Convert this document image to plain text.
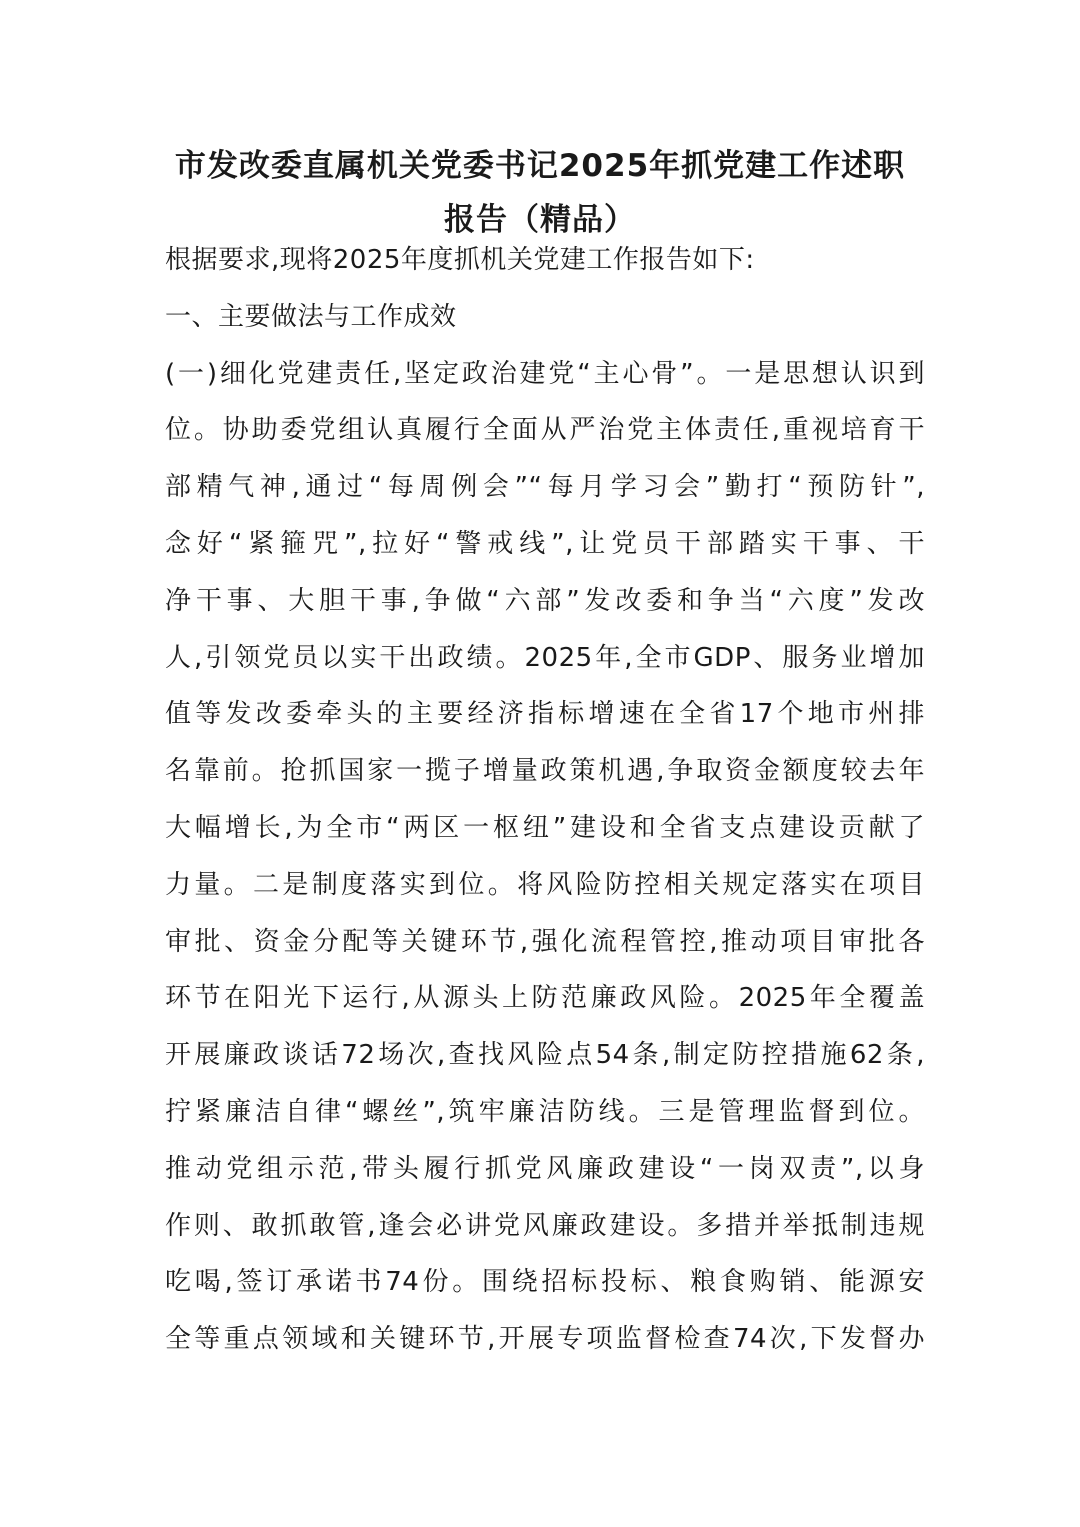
市发改委直属机关党委书记2025年抓党建工作述职
报告（精品）
根据要求,现将2025年度抓机关党建工作报告如下:
一、主要做法与工作成效
(一)细化党建责任,坚定政治建党“主心骨”。一是思想认识到
位。协助委党组认真履行全面从严治党主体责任,重视培育干
部精气神,通过“每周例会”“每月学习会”勤打“预防针”,
念好“紧箍咒”,拉好“警戒线”,让党员干部踏实干事、干
净干事、大胆干事,争做“六部”发改委和争当“六度”发改
人,引领党员以实干出政绩。2025年,全市GDP、服务业增加
值等发改委牵头的主要经济指标增速在全省17个地市州排
名靠前。抢抓国家一揽子增量政策机遇,争取资金额度较去年
大幅增长,为全市“两区一枢纽”建设和全省支点建设贡献了
力量。二是制度落实到位。将风险防控相关规定落实在项目
审批、资金分配等关键环节,强化流程管控,推动项目审批各
环节在阳光下运行,从源头上防范廉政风险。2025年全覆盖
开展廉政谈话72场次,查找风险点54条,制定防控措施62条,
拧紧廉洁自律“螺丝”,筑牢廉洁防线。三是管理监督到位。
推动党组示范,带头履行抓党风廉政建设“一岗双责”,以身
作则、敢抓敢管,逢会必讲党风廉政建设。多措并举抵制违规
吃喝,签订承诺书74份。围绕招标投标、粮食购销、能源安
全等重点领域和关键环节,开展专项监督检查74次,下发督办
